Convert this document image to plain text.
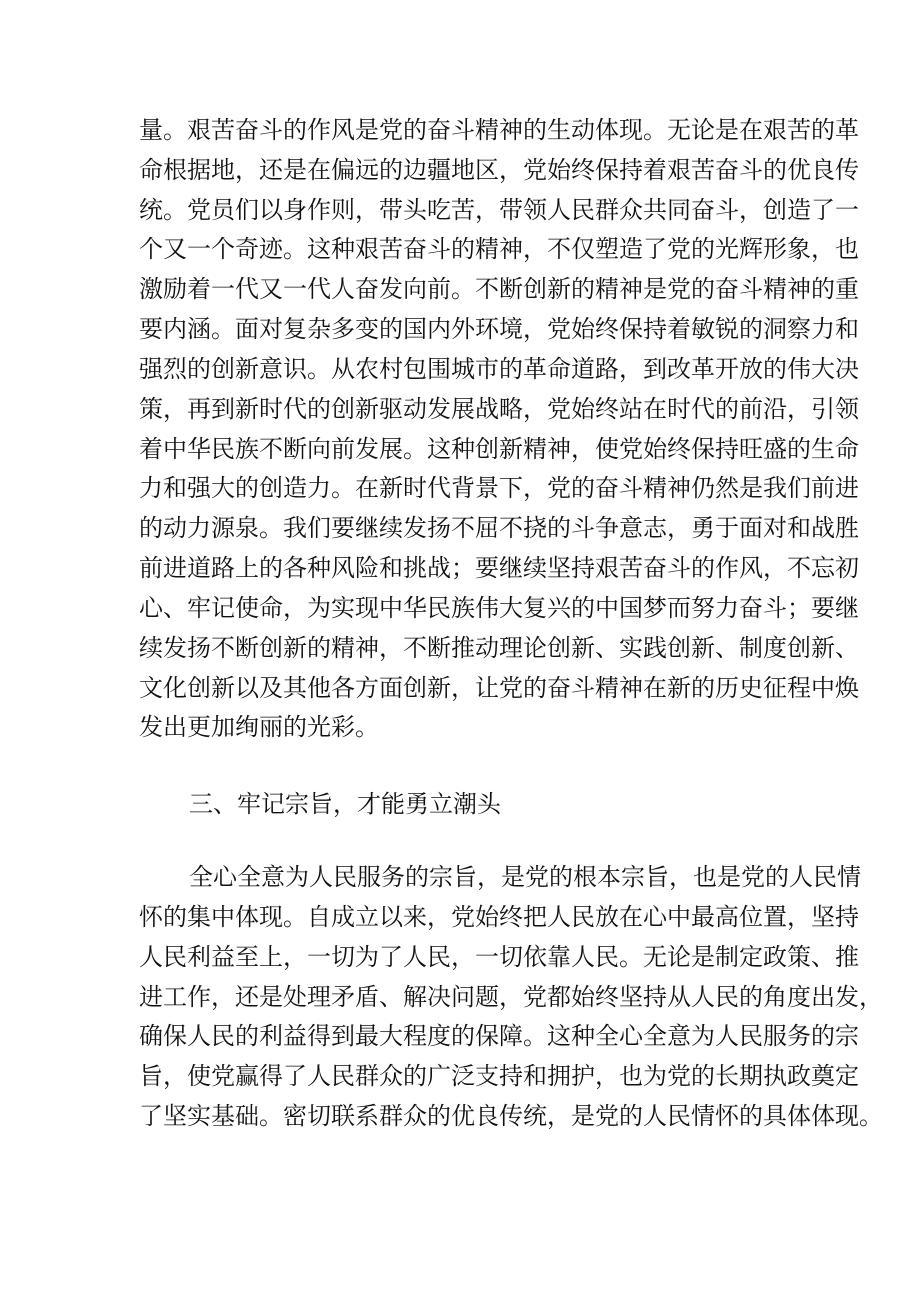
量。艰苦奋斗的作风是党的奋斗精神的生动体现。无论是在艰苦的革
命根据地，还是在偏远的边疆地区，党始终保持着艰苦奋斗的优良传
统。党员们以身作则，带头吃苦，带领人民群众共同奋斗，创造了一
个又一个奇迹。这种艰苦奋斗的精神，不仅塑造了党的光辉形象，也
激励着一代又一代人奋发向前。不断创新的精神是党的奋斗精神的重
要内涵。面对复杂多变的国内外环境，党始终保持着敏锐的洞察力和
强烈的创新意识。从农村包围城市的革命道路，到改革开放的伟大决
策，再到新时代的创新驱动发展战略，党始终站在时代的前沿，引领
着中华民族不断向前发展。这种创新精神，使党始终保持旺盛的生命
力和强大的创造力。在新时代背景下，党的奋斗精神仍然是我们前进
的动力源泉。我们要继续发扬不屈不挠的斗争意志，勇于面对和战胜
前进道路上的各种风险和挑战；要继续坚持艰苦奋斗的作风，不忘初
心、牢记使命，为实现中华民族伟大复兴的中国梦而努力奋斗；要继
续发扬不断创新的精神，不断推动理论创新、实践创新、制度创新、
文化创新以及其他各方面创新，让党的奋斗精神在新的历史征程中焕
发出更加绚丽的光彩。
三、牢记宗旨，才能勇立潮头
全心全意为人民服务的宗旨，是党的根本宗旨，也是党的人民情
怀的集中体现。自成立以来，党始终把人民放在心中最高位置，坚持
人民利益至上，一切为了人民，一切依靠人民。无论是制定政策、推
进工作，还是处理矛盾、解决问题，党都始终坚持从人民的角度出发，
确保人民的利益得到最大程度的保障。这种全心全意为人民服务的宗
旨，使党赢得了人民群众的广泛支持和拥护，也为党的长期执政奠定
了坚实基础。密切联系群众的优良传统，是党的人民情怀的具体体现。
